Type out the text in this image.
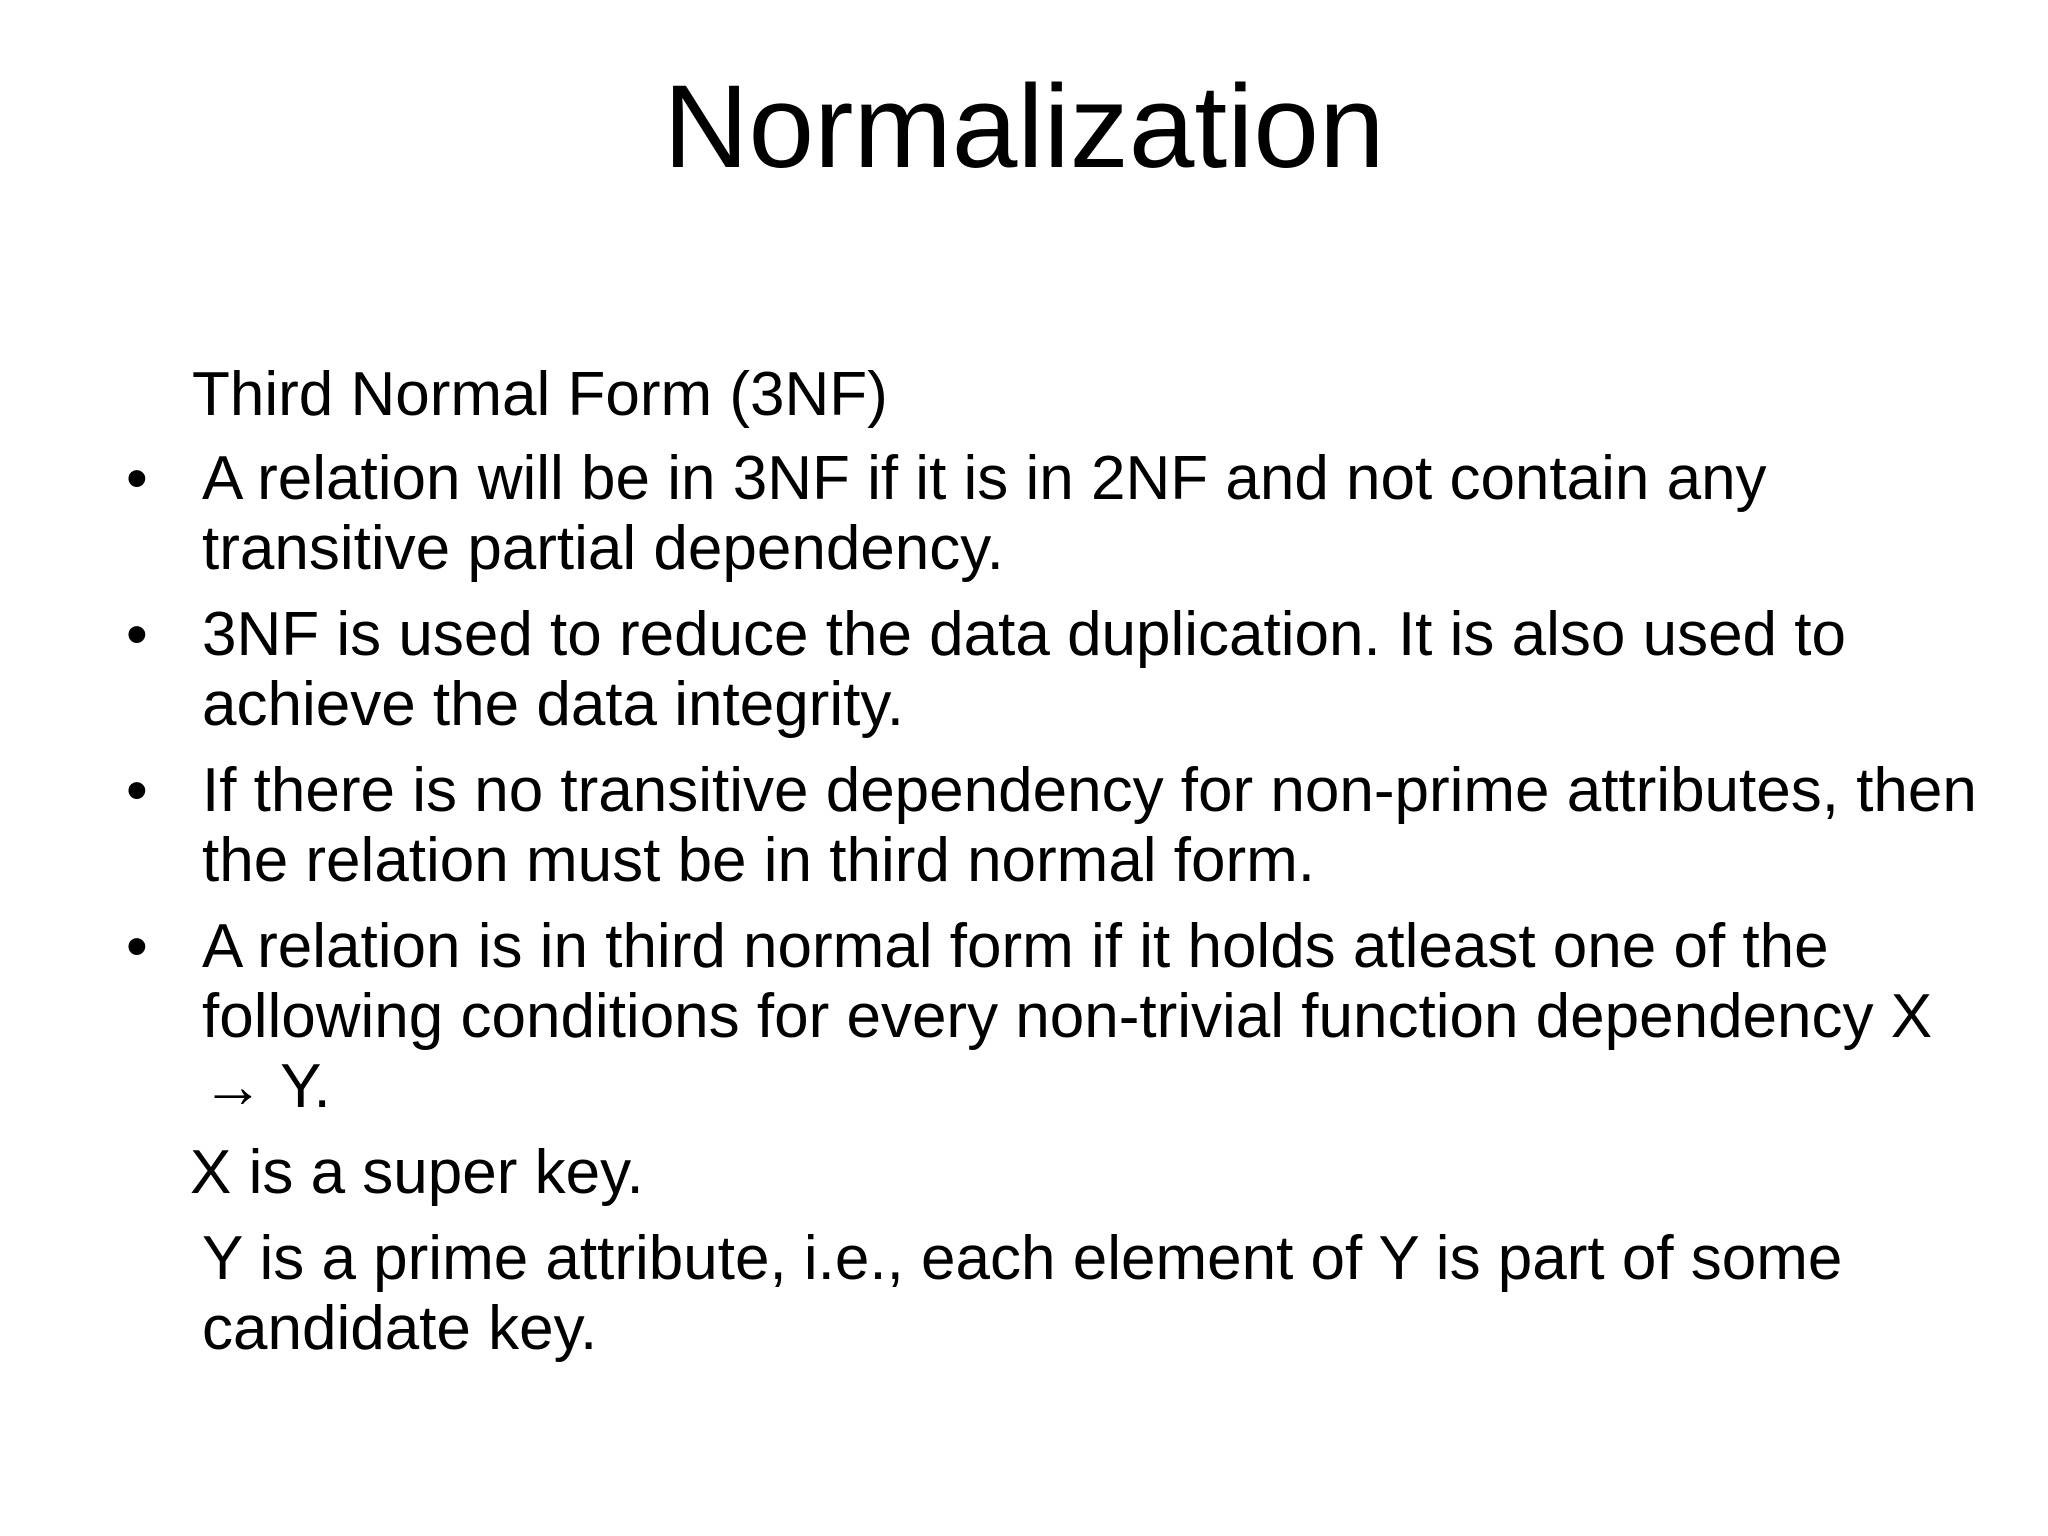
Normalization

Third Normal Form (3NF)

• A relation will be in 3NF if it is in 2NF and not contain any transitive partial dependency.
• 3NF is used to reduce the data duplication. It is also used to achieve the data integrity.
• If there is no transitive dependency for non-prime attributes, then the relation must be in third normal form.
• A relation is in third normal form if it holds atleast one of the following conditions for every non-trivial function dependency X → Y.

X is a super key.

Y is a prime attribute, i.e., each element of Y is part of some candidate key.
